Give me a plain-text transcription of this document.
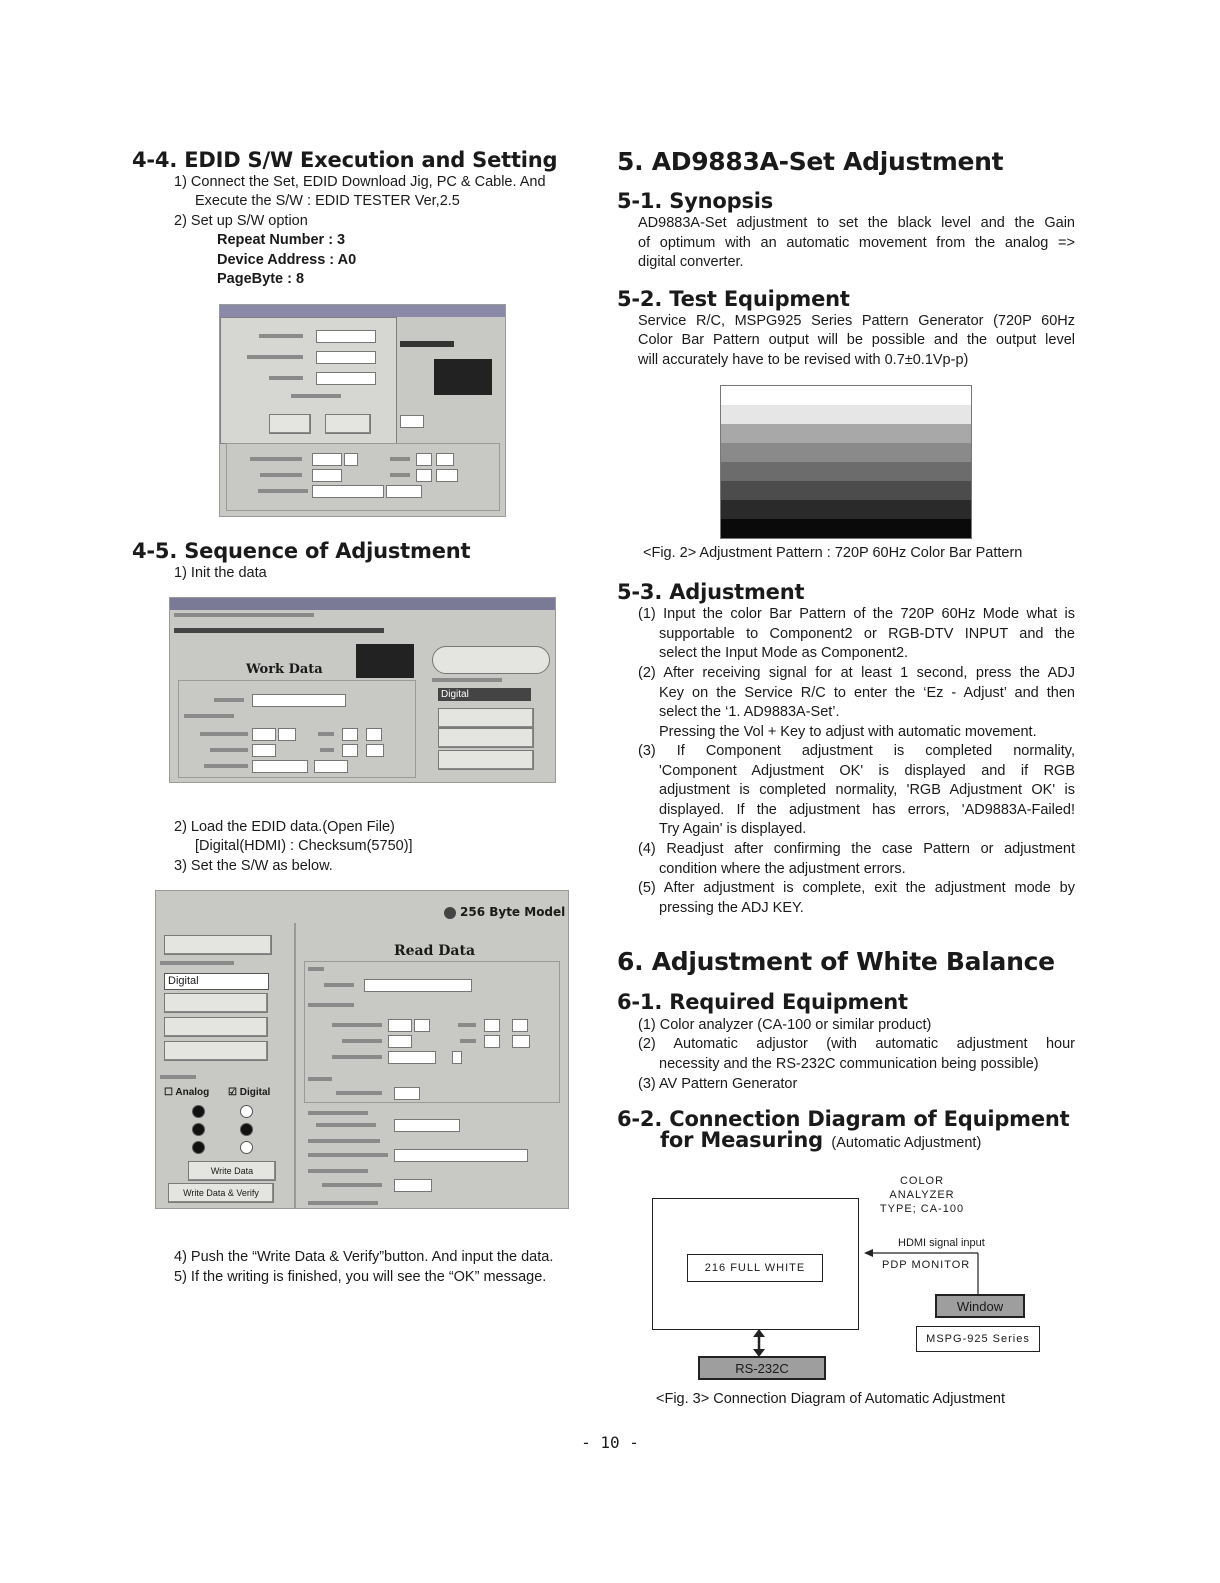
4-4. EDID S/W Execution and Setting
1) Connect the Set, EDID Download Jig, PC & Cable. And
Execute the S/W : EDID TESTER Ver,2.5
2) Set up S/W option
Repeat Number : 3
Device Address : A0
PageByte : 8
4-5. Sequence of Adjustment
1) Init the data
Work Data
Digital
2) Load the EDID data.(Open File)
[Digital(HDMI) : Checksum(5750)]
3) Set the S/W as below.
256 Byte Model
Digital
☐ Analog ☑ Digital
Write Data
Write Data & Verify
Read Data
4) Push the “Write Data & Verify”button. And input the data.
5) If the writing is finished, you will see the “OK” message.
5. AD9883A-Set Adjustment
5-1. Synopsis
AD9883A-Set adjustment to set the black level and the Gain
of optimum with an automatic movement from the analog =>
digital converter.
5-2. Test Equipment
Service R/C, MSPG925 Series Pattern Generator (720P 60Hz
Color Bar Pattern output will be possible and the output level
will accurately have to be revised with 0.7±0.1Vp-p)
<Fig. 2> Adjustment Pattern : 720P 60Hz Color Bar Pattern
5-3. Adjustment
(1) Input the color Bar Pattern of the 720P 60Hz Mode what is
supportable to Component2 or RGB-DTV INPUT and the
select the Input Mode as Component2.
(2) After receiving signal for at least 1 second, press the ADJ
Key on the Service R/C to enter the ‘Ez - Adjust’ and then
select the ‘1. AD9883A-Set’.
Pressing the Vol + Key to adjust with automatic movement.
(3) If Component adjustment is completed normality,
'Component Adjustment OK' is displayed and if RGB
adjustment is completed normality, 'RGB Adjustment OK' is
displayed. If the adjustment has errors, 'AD9883A-Failed!
Try Again' is displayed.
(4) Readjust after confirming the case Pattern or adjustment
condition where the adjustment errors.
(5) After adjustment is complete, exit the adjustment mode by
pressing the ADJ KEY.
6. Adjustment of White Balance
6-1. Required Equipment
(1) Color analyzer (CA-100 or similar product)
(2) Automatic adjustor (with automatic adjustment hour
necessity and the RS-232C communication being possible)
(3) AV Pattern Generator
6-2. Connection Diagram of Equipment
for Measuring (Automatic Adjustment)
216 FULL WHITE
COLOR
ANALYZER
TYPE; CA-100
HDMI signal input
PDP MONITOR
Window
MSPG-925 Series
RS-232C
<Fig. 3> Connection Diagram of Automatic Adjustment
- 10 -
